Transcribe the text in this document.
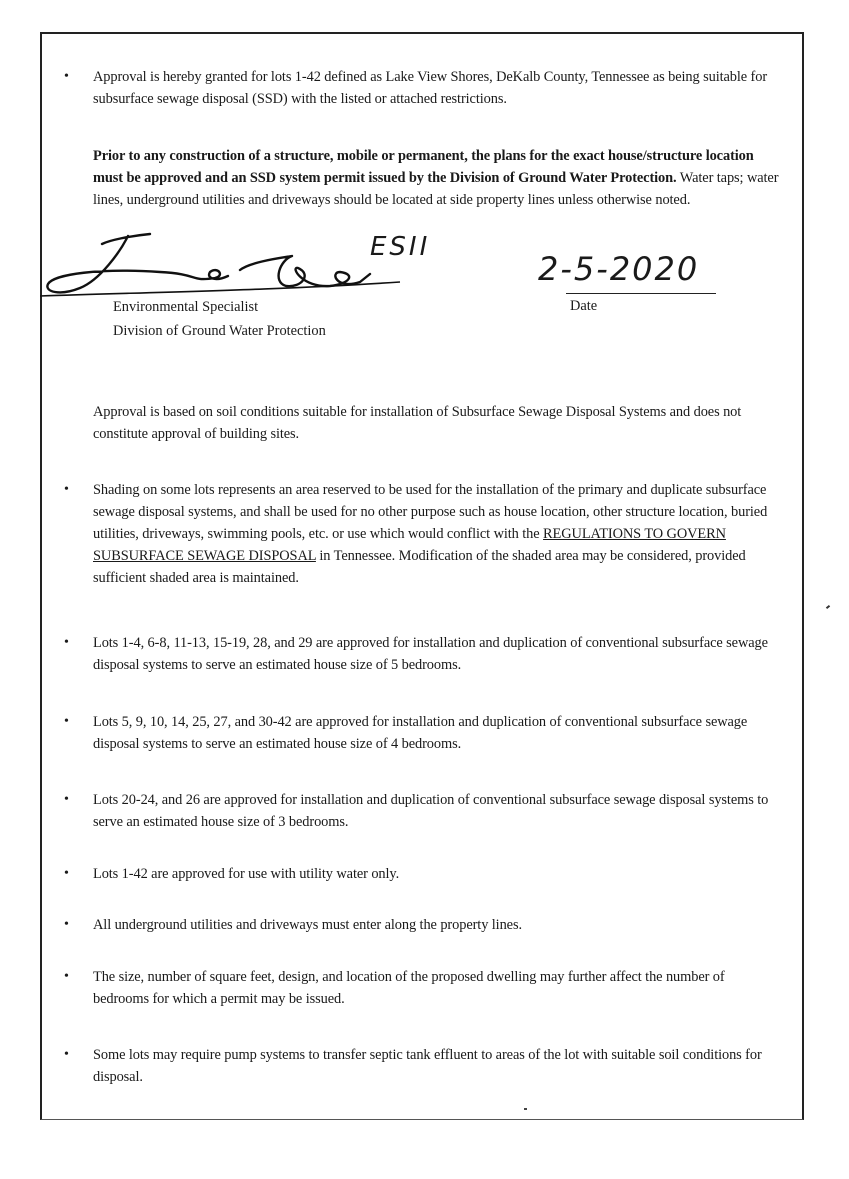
• Approval is hereby granted for lots 1-42 defined as Lake View Shores, DeKalb County, Tennessee as being suitable for subsurface sewage disposal (SSD) with the listed or attached restrictions.
Prior to any construction of a structure, mobile or permanent, the plans for the exact house/structure location must be approved and an SSD system permit issued by the Division of Ground Water Protection. Water taps; water lines, underground utilities and driveways should be located at side property lines unless otherwise noted.
ESII
Environmental Specialist
Division of Ground Water Protection
2-5-2020
Date
Approval is based on soil conditions suitable for installation of Subsurface Sewage Disposal Systems and does not constitute approval of building sites.
• Shading on some lots represents an area reserved to be used for the installation of the primary and duplicate subsurface sewage disposal systems, and shall be used for no other purpose such as house location, other structure location, buried utilities, driveways, swimming pools, etc. or use which would conflict with the REGULATIONS TO GOVERN SUBSURFACE SEWAGE DISPOSAL in Tennessee. Modification of the shaded area may be considered, provided sufficient shaded area is maintained.
• Lots 1-4, 6-8, 11-13, 15-19, 28, and 29 are approved for installation and duplication of conventional subsurface sewage disposal systems to serve an estimated house size of 5 bedrooms.
• Lots 5, 9, 10, 14, 25, 27, and 30-42 are approved for installation and duplication of conventional subsurface sewage disposal systems to serve an estimated house size of 4 bedrooms.
• Lots 20-24, and 26 are approved for installation and duplication of conventional subsurface sewage disposal systems to serve an estimated house size of 3 bedrooms.
• Lots 1-42 are approved for use with utility water only.
• All underground utilities and driveways must enter along the property lines.
• The size, number of square feet, design, and location of the proposed dwelling may further affect the number of bedrooms for which a permit may be issued.
• Some lots may require pump systems to transfer septic tank effluent to areas of the lot with suitable soil conditions for disposal.
